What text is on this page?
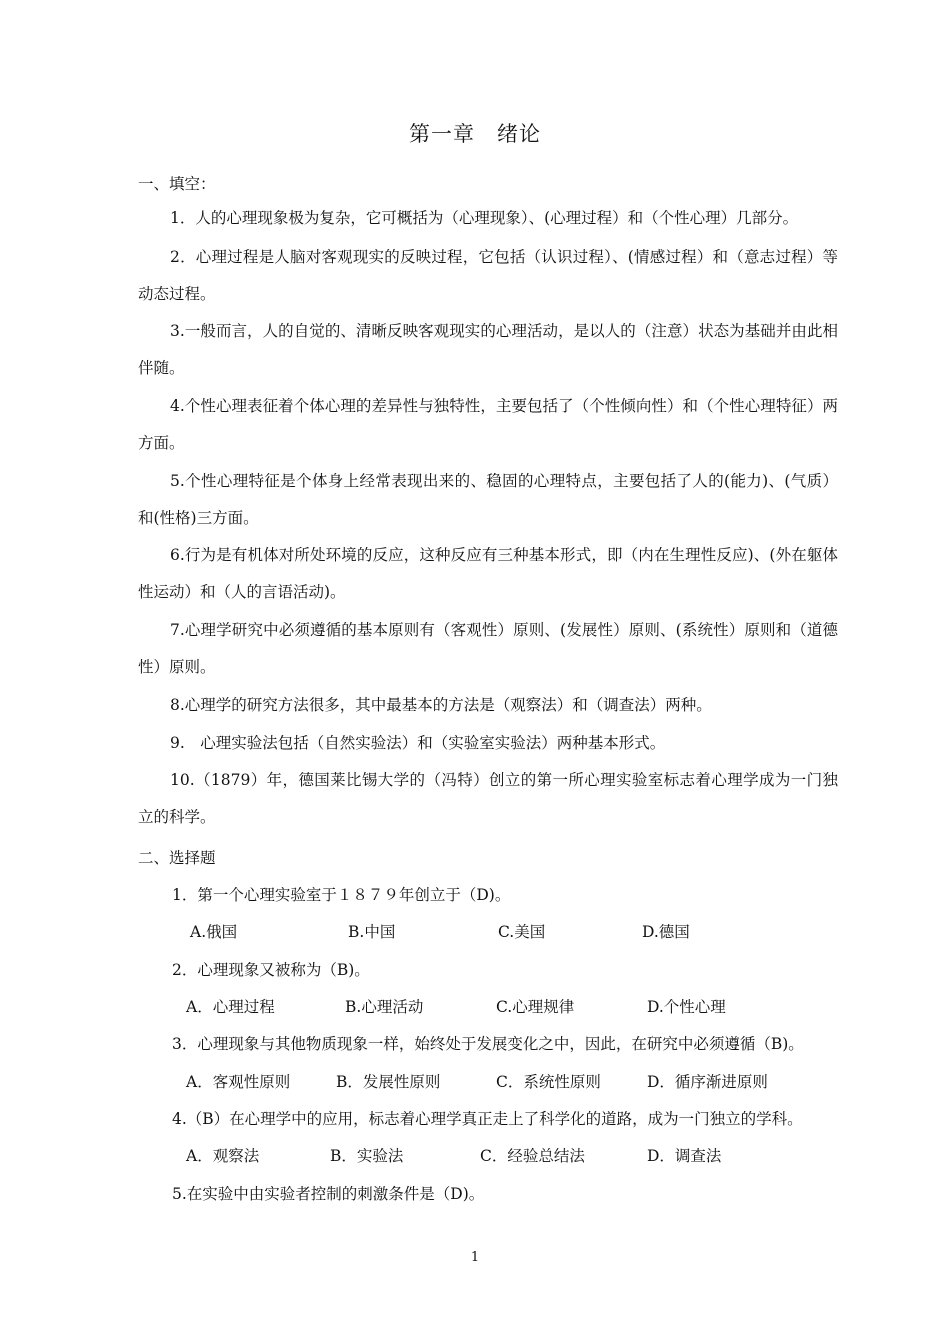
第一章　绪论
一、填空：
1．人的心理现象极为复杂，它可概括为（心理现象）、(心理过程）和（个性心理）几部分。
2．心理过程是人脑对客观现实的反映过程，它包括（认识过程）、(情感过程）和（意志过程）等动态过程。
3.一般而言，人的自觉的、清晰反映客观现实的心理活动，是以人的（注意）状态为基础并由此相伴随。
4.个性心理表征着个体心理的差异性与独特性，主要包括了（个性倾向性）和（个性心理特征）两方面。
5.个性心理特征是个体身上经常表现出来的、稳固的心理特点，主要包括了人的(能力)、(气质）和(性格)三方面。
6.行为是有机体对所处环境的反应，这种反应有三种基本形式，即（内在生理性反应)、(外在躯体性运动）和（人的言语活动)。
7.心理学研究中必须遵循的基本原则有（客观性）原则、(发展性）原则、(系统性）原则和（道德性）原则。
8.心理学的研究方法很多，其中最基本的方法是（观察法）和（调查法）两种。
9.　心理实验法包括（自然实验法）和（实验室实验法）两种基本形式。
10.（1879）年，德国莱比锡大学的（冯特）创立的第一所心理实验室标志着心理学成为一门独立的科学。
二、选择题
1．第一个心理实验室于１８７９年创立于（D)。
A.俄国	B.中国	C.美国	D.德国
2．心理现象又被称为（B)。
A．心理过程	B.心理活动	C.心理规律	D.个性心理
3．心理现象与其他物质现象一样，始终处于发展变化之中，因此，在研究中必须遵循（B)。
A．客观性原则	B．发展性原则	C．系统性原则	D．循序渐进原则
4.（B）在心理学中的应用，标志着心理学真正走上了科学化的道路，成为一门独立的学科。
A．观察法	B．实验法	C．经验总结法	D．调查法
5.在实验中由实验者控制的刺激条件是（D)。
1
